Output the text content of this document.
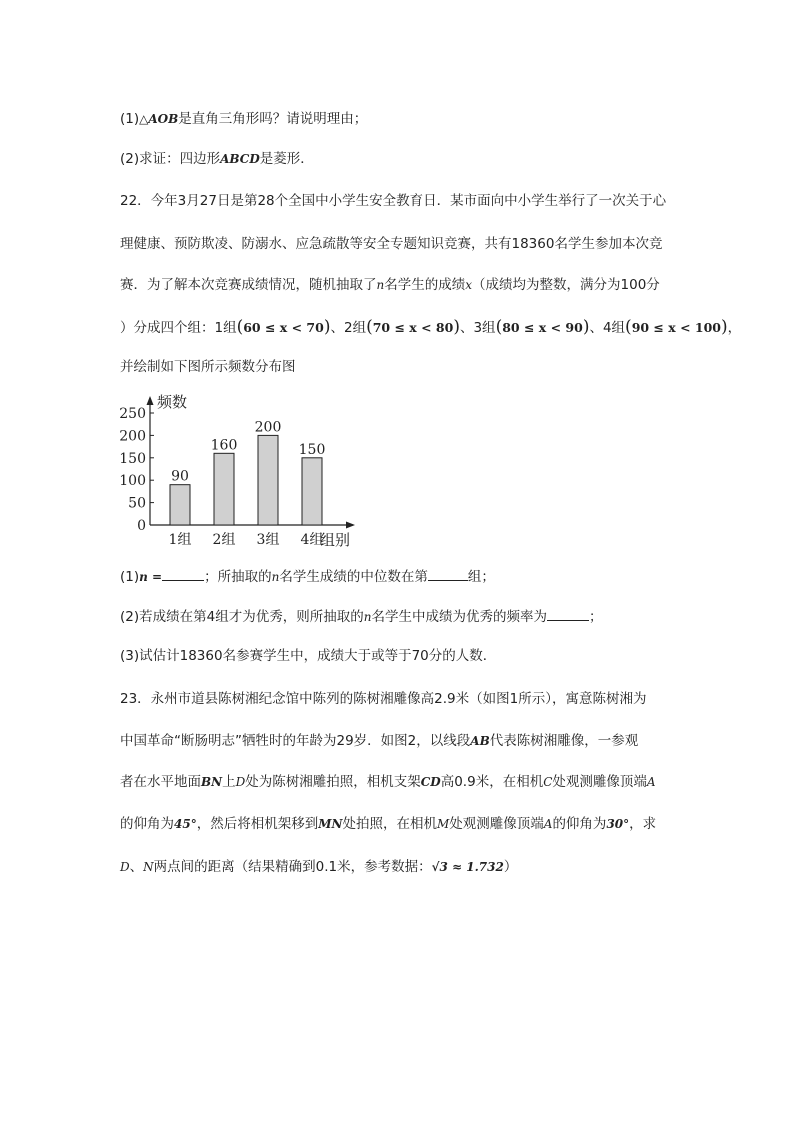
(1)△AOB是直角三角形吗？请说明理由；
(2)求证：四边形ABCD是菱形．
22．今年3月27日是第28个全国中小学生安全教育日．某市面向中小学生举行了一次关于心
理健康、预防欺凌、防溺水、应急疏散等安全专题知识竞赛，共有18360名学生参加本次竞
赛．为了解本次竞赛成绩情况，随机抽取了n名学生的成绩x（成绩均为整数，满分为100分
）分成四个组：1组(60 ≤ x < 70)、2组(70 ≤ x < 80)、3组(80 ≤ x < 90)、4组(90 ≤ x < 100)，
并绘制如下图所示频数分布图
频数
0
50
100
150
200
250
90
1组
160
2组
200
3组
150
4组
组别
(1)n =	；所抽取的n名学生成绩的中位数在第	组；
(2)若成绩在第4组才为优秀，则所抽取的n名学生中成绩为优秀的频率为	；
(3)试估计18360名参赛学生中，成绩大于或等于70分的人数．
23．永州市道县陈树湘纪念馆中陈列的陈树湘雕像高2.9米（如图1所示），寓意陈树湘为
中国革命“断肠明志”牺牲时的年龄为29岁．如图2，以线段AB代表陈树湘雕像，一参观
者在水平地面BN上D处为陈树湘雕拍照，相机支架CD高0.9米，在相机C处观测雕像顶端A
的仰角为45°，然后将相机架移到MN处拍照，在相机M处观测雕像顶端A的仰角为30°，求
D、N两点间的距离（结果精确到0.1米，参考数据：√3 ≈ 1.732）
